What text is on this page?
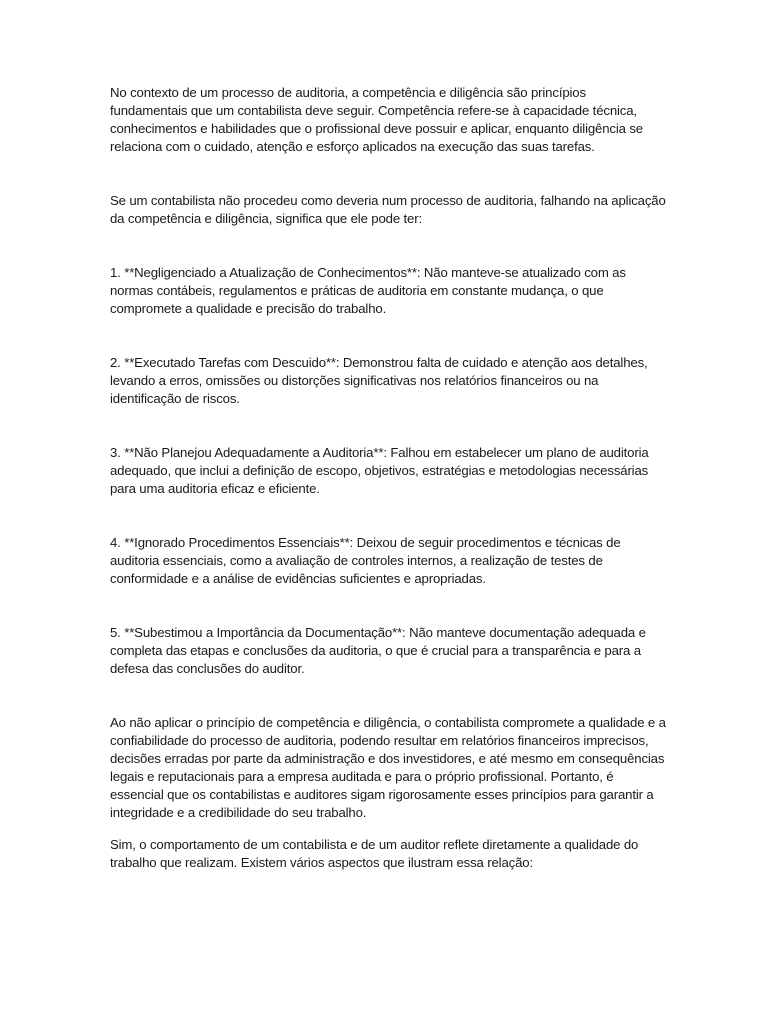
No contexto de um processo de auditoria, a competência e diligência são princípios fundamentais que um contabilista deve seguir. Competência refere-se à capacidade técnica, conhecimentos e habilidades que o profissional deve possuir e aplicar, enquanto diligência se relaciona com o cuidado, atenção e esforço aplicados na execução das suas tarefas.

Se um contabilista não procedeu como deveria num processo de auditoria, falhando na aplicação da competência e diligência, significa que ele pode ter:

1. **Negligenciado a Atualização de Conhecimentos**: Não manteve-se atualizado com as normas contábeis, regulamentos e práticas de auditoria em constante mudança, o que compromete a qualidade e precisão do trabalho.

2. **Executado Tarefas com Descuido**: Demonstrou falta de cuidado e atenção aos detalhes, levando a erros, omissões ou distorções significativas nos relatórios financeiros ou na identificação de riscos.

3. **Não Planejou Adequadamente a Auditoria**: Falhou em estabelecer um plano de auditoria adequado, que inclui a definição de escopo, objetivos, estratégias e metodologias necessárias para uma auditoria eficaz e eficiente.

4. **Ignorado Procedimentos Essenciais**: Deixou de seguir procedimentos e técnicas de auditoria essenciais, como a avaliação de controles internos, a realização de testes de conformidade e a análise de evidências suficientes e apropriadas.

5. **Subestimou a Importância da Documentação**: Não manteve documentação adequada e completa das etapas e conclusões da auditoria, o que é crucial para a transparência e para a defesa das conclusões do auditor.

Ao não aplicar o princípio de competência e diligência, o contabilista compromete a qualidade e a confiabilidade do processo de auditoria, podendo resultar em relatórios financeiros imprecisos, decisões erradas por parte da administração e dos investidores, e até mesmo em consequências legais e reputacionais para a empresa auditada e para o próprio profissional. Portanto, é essencial que os contabilistas e auditores sigam rigorosamente esses princípios para garantir a integridade e a credibilidade do seu trabalho.

Sim, o comportamento de um contabilista e de um auditor reflete diretamente a qualidade do trabalho que realizam. Existem vários aspectos que ilustram essa relação:
